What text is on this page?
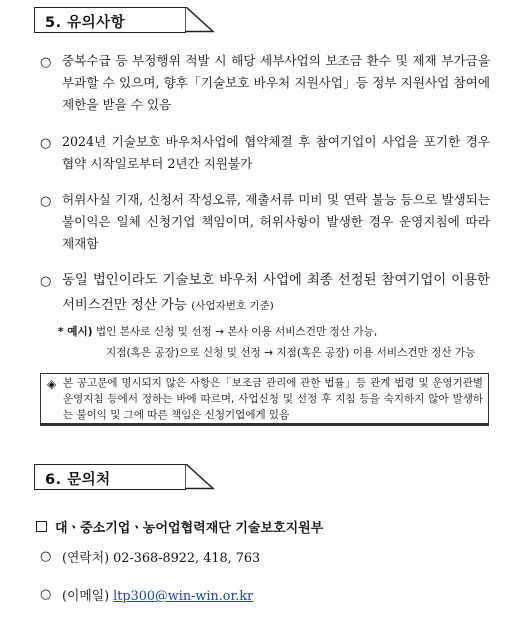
5. 유의사항
○ 중복수급 등 부정행위 적발 시 해당 세부사업의 보조금 환수 및 제재 부가금을 부과할 수 있으며, 향후「기술보호 바우처 지원사업」등 정부 지원사업 참여에 제한을 받을 수 있음
○ 2024년 기술보호 바우처사업에 협약체결 후 참여기업이 사업을 포기한 경우 협약 시작일로부터 2년간 지원불가
○ 허위사실 기재, 신청서 작성오류, 제출서류 미비 및 연락 불능 등으로 발생되는 불이익은 일체 신청기업 책임이며, 허위사항이 발생한 경우 운영지침에 따라 제재함
○ 동일 법인이라도 기술보호 바우처 사업에 최종 선정된 참여기업이 이용한 서비스건만 정산 가능 (사업자번호 기준)
* 예시) 법인 본사로 신청 및 선정 → 본사 이용 서비스건만 정산 가능,
지점(혹은 공장)으로 신청 및 선정 → 지점(혹은 공장) 이용 서비스건만 정산 가능
◈ 본 공고문에 명시되지 않은 사항은「보조금 관리에 관한 법률」등 관계 법령 및 운영기관별 운영지침 등에서 정하는 바에 따르며, 사업신청 및 선정 후 지침 등을 숙지하지 않아 발생하는 불이익 및 그에 따른 책임은 신청기업에게 있음
6. 문의처
대ㆍ중소기업ㆍ농어업협력재단 기술보호지원부
○ (연락처) 02-368-8922, 418, 763
○ (이메일) ltp300@win-win.or.kr
